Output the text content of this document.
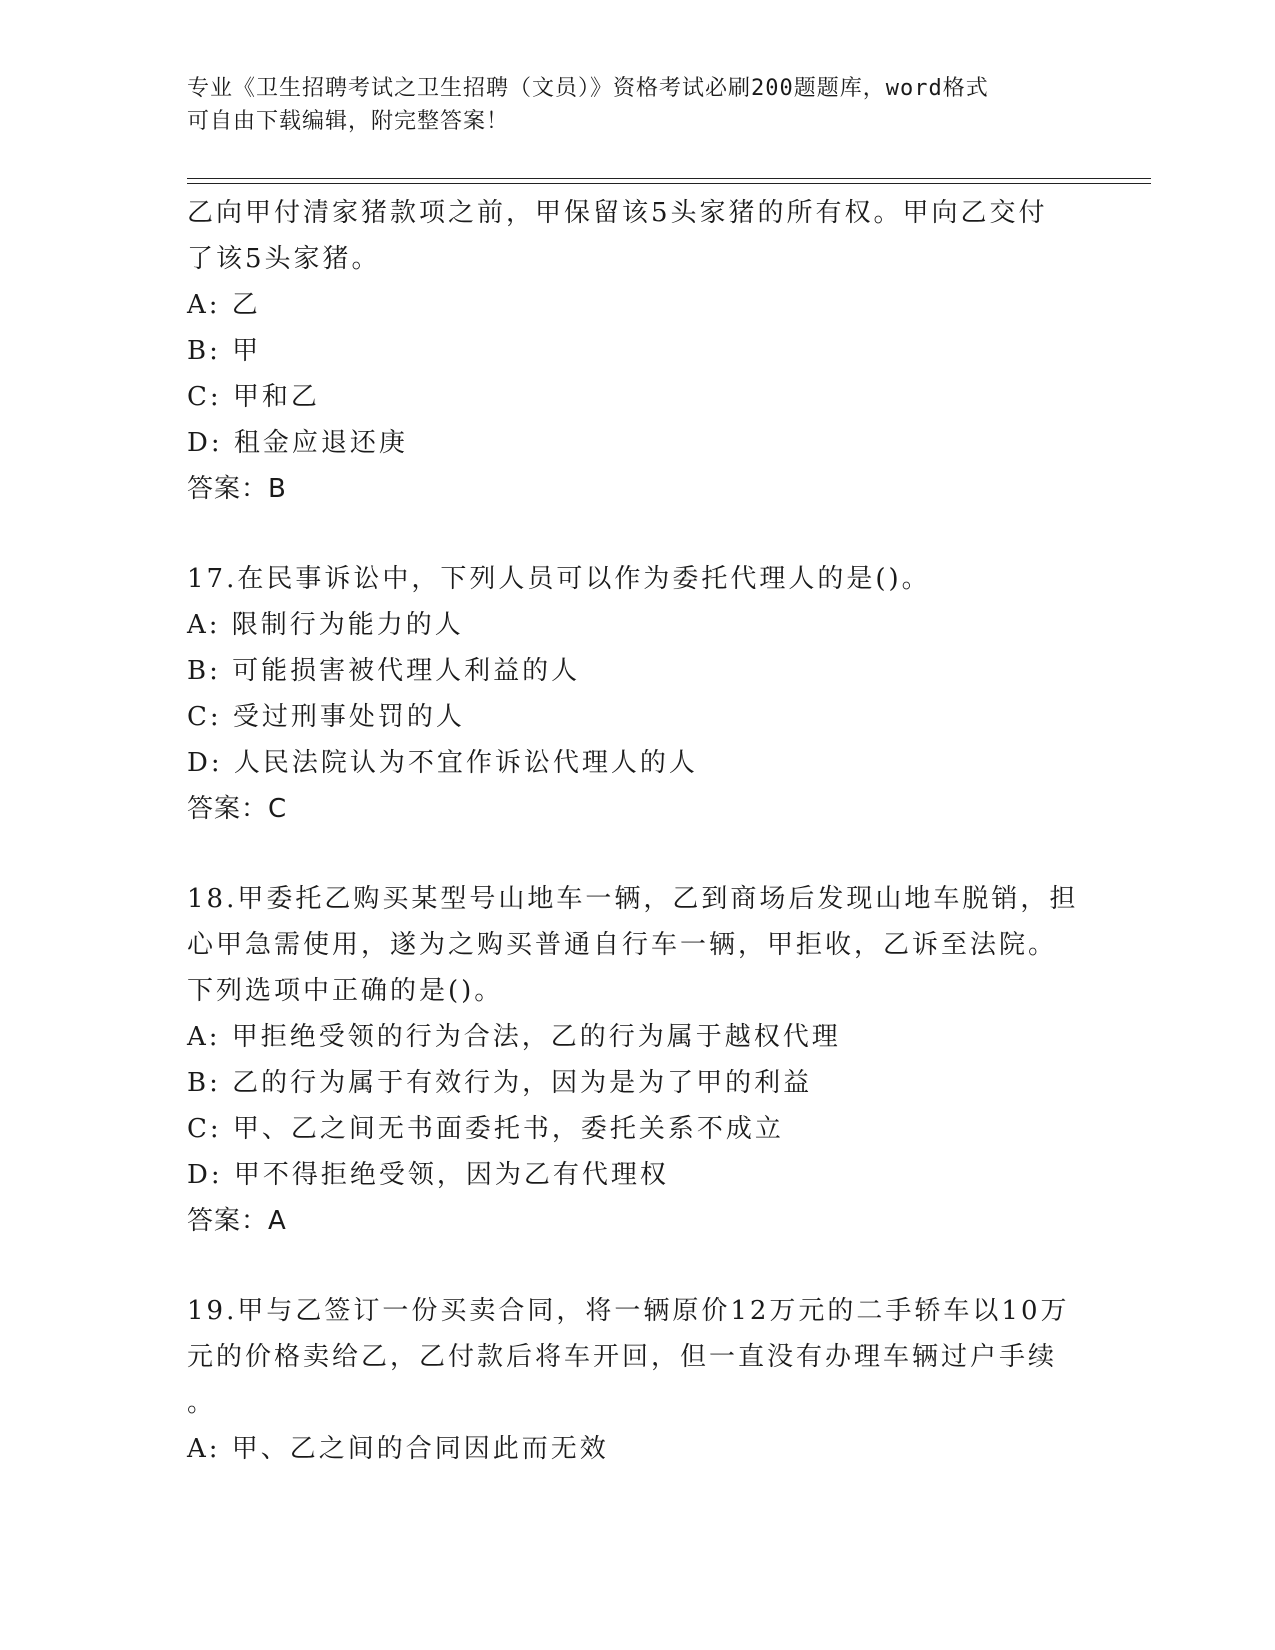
专业《卫生招聘考试之卫生招聘（文员）》资格考试必刷200题题库，word格式
可自由下载编辑，附完整答案！
乙向甲付清家猪款项之前，甲保留该5头家猪的所有权。甲向乙交付
了该5头家猪。
A: 乙
B: 甲
C: 甲和乙
D: 租金应退还庚
答案：B
17.在民事诉讼中，下列人员可以作为委托代理人的是()。
A: 限制行为能力的人
B: 可能损害被代理人利益的人
C: 受过刑事处罚的人
D: 人民法院认为不宜作诉讼代理人的人
答案：C
18.甲委托乙购买某型号山地车一辆，乙到商场后发现山地车脱销，担
心甲急需使用，遂为之购买普通自行车一辆，甲拒收，乙诉至法院。
下列选项中正确的是()。
A: 甲拒绝受领的行为合法，乙的行为属于越权代理
B: 乙的行为属于有效行为，因为是为了甲的利益
C: 甲、乙之间无书面委托书，委托关系不成立
D: 甲不得拒绝受领，因为乙有代理权
答案：A
19.甲与乙签订一份买卖合同，将一辆原价12万元的二手轿车以10万
元的价格卖给乙，乙付款后将车开回，但一直没有办理车辆过户手续
。
A: 甲、乙之间的合同因此而无效
